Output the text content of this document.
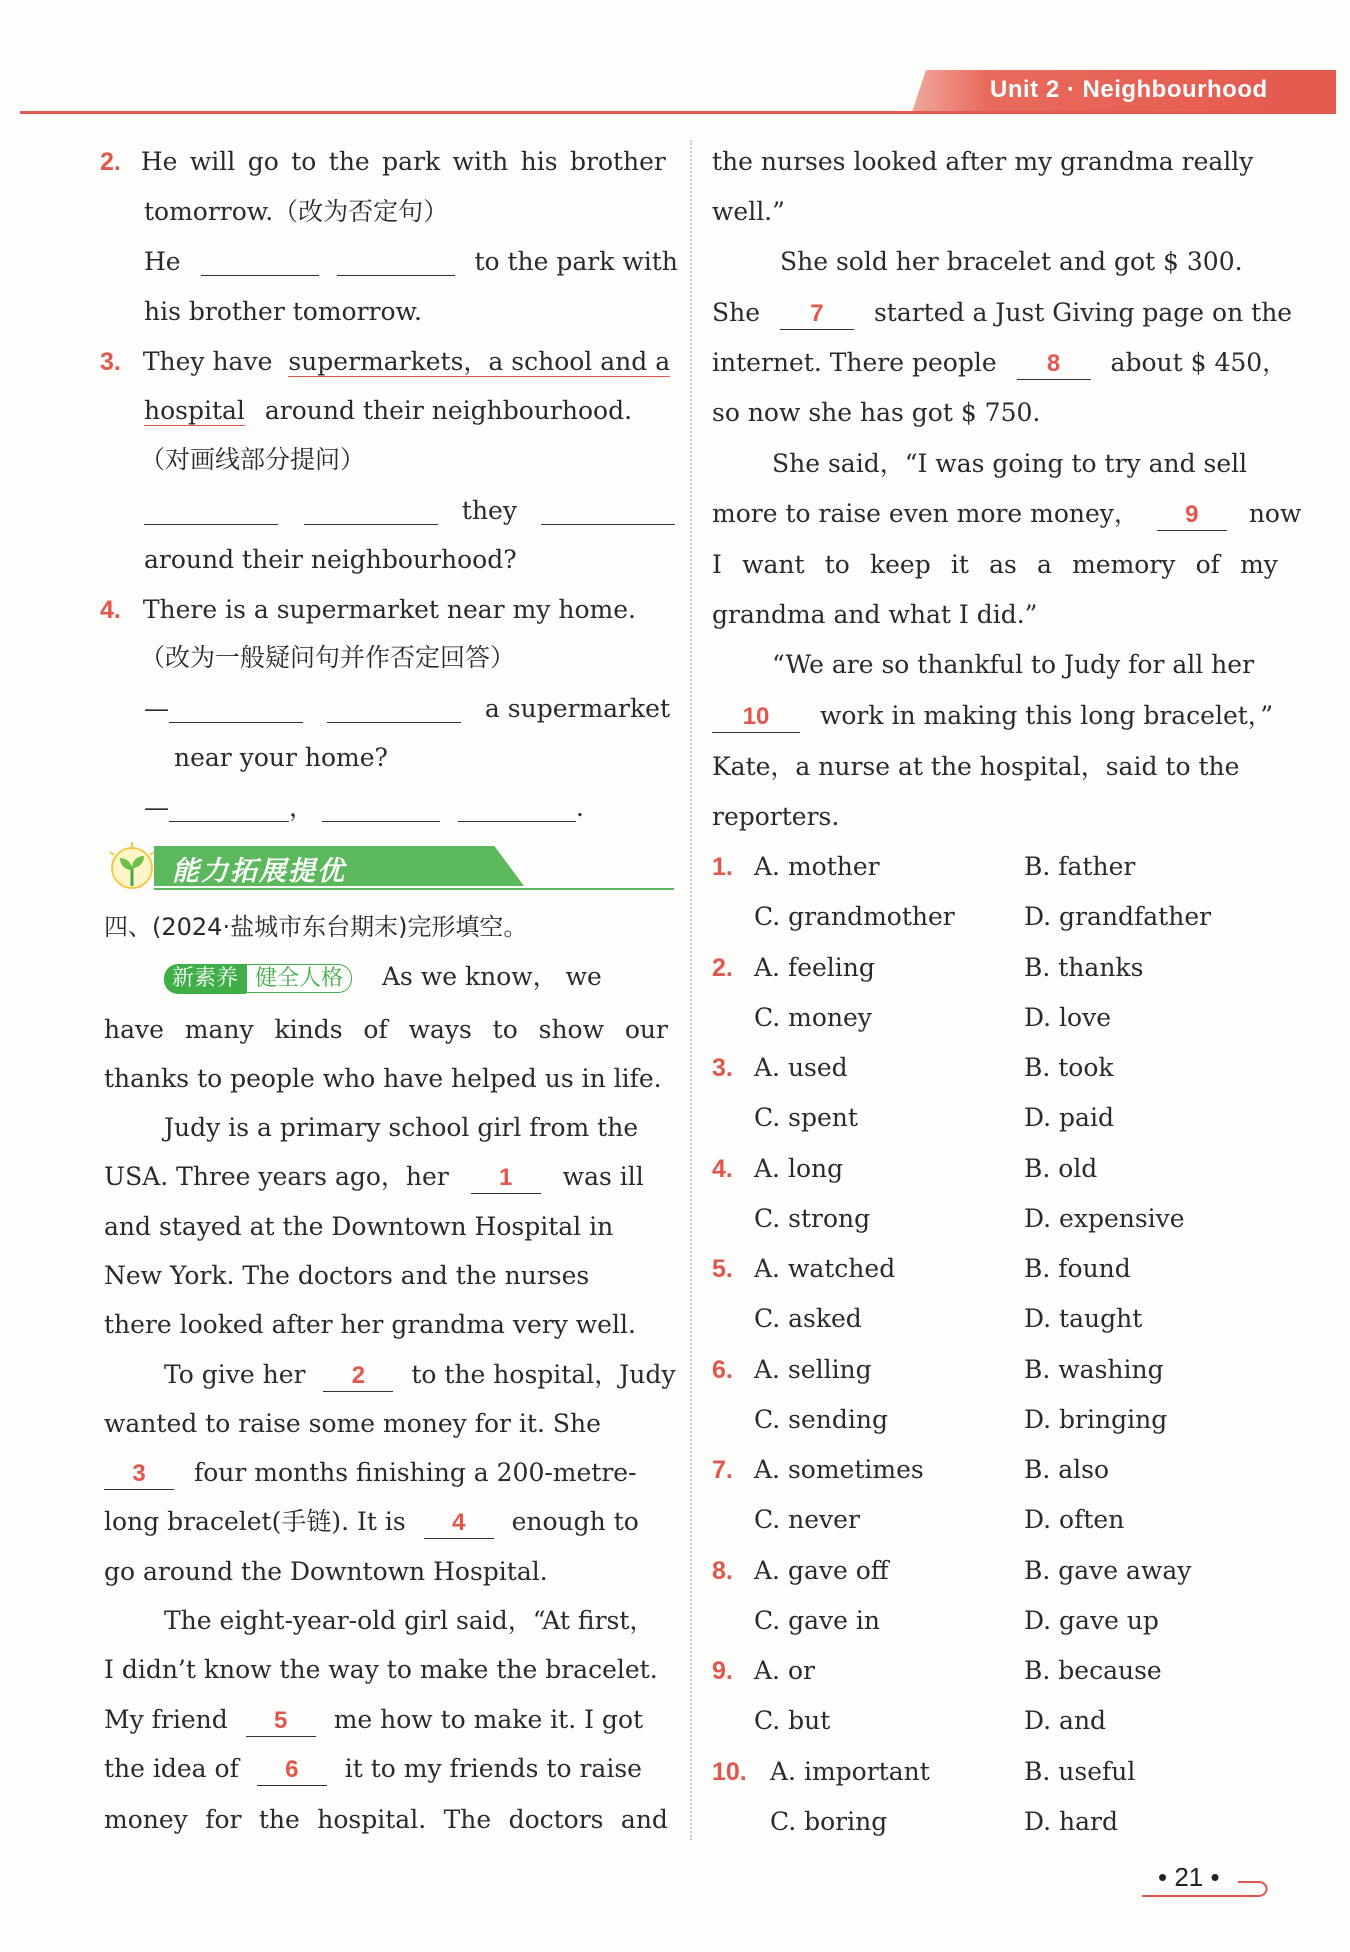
Unit 2 · Neighbourhood
2. He will go to the park with his brother
tomorrow.（改为否定句）
He	to the park with
his brother tomorrow.
3. They have supermarkets，a school and a
hospital around their neighbourhood.
（对画线部分提问）
they
around their neighbourhood?
4. There is a supermarket near my home.
（改为一般疑问句并作否定回答）
—	a supermarket
near your home?
—	，	.
能力拓展提优
四、(2024·盐城市东台期末)完形填空。
新素养 健全人格 As we know， we
have many kinds of ways to show our
thanks to people who have helped us in life.
Judy is a primary school girl from the
USA. Three years ago，her 1 was ill
and stayed at the Downtown Hospital in
New York. The doctors and the nurses
there looked after her grandma very well.
To give her 2 to the hospital，Judy
wanted to raise some money for it. She
3 four months finishing a 200-metre-
long bracelet(手链). It is 4 enough to
go around the Downtown Hospital.
The eight-year-old girl said，“At first，
I didn’t know the way to make the bracelet.
My friend 5 me how to make it. I got
the idea of 6 it to my friends to raise
money for the hospital. The doctors and
the nurses looked after my grandma really
well.”
She sold her bracelet and got $ 300.
She 7 started a Just Giving page on the
internet. There people 8 about $ 450，
so now she has got $ 750.
She said，“I was going to try and sell
more to raise even more money， 9 now
I want to keep it as a memory of my
grandma and what I did.”
“We are so thankful to Judy for all her
10 work in making this long bracelet，”
Kate，a nurse at the hospital，said to the
reporters.
1. A. mother	B. father
C. grandmother	D. grandfather
2. A. feeling	B. thanks
C. money	D. love
3. A. used	B. took
C. spent	D. paid
4. A. long	B. old
C. strong	D. expensive
5. A. watched	B. found
C. asked	D. taught
6. A. selling	B. washing
C. sending	D. bringing
7. A. sometimes	B. also
C. never	D. often
8. A. gave off	B. gave away
C. gave in	D. gave up
9. A. or	B. because
C. but	D. and
10. A. important	B. useful
C. boring	D. hard
• 21 •
